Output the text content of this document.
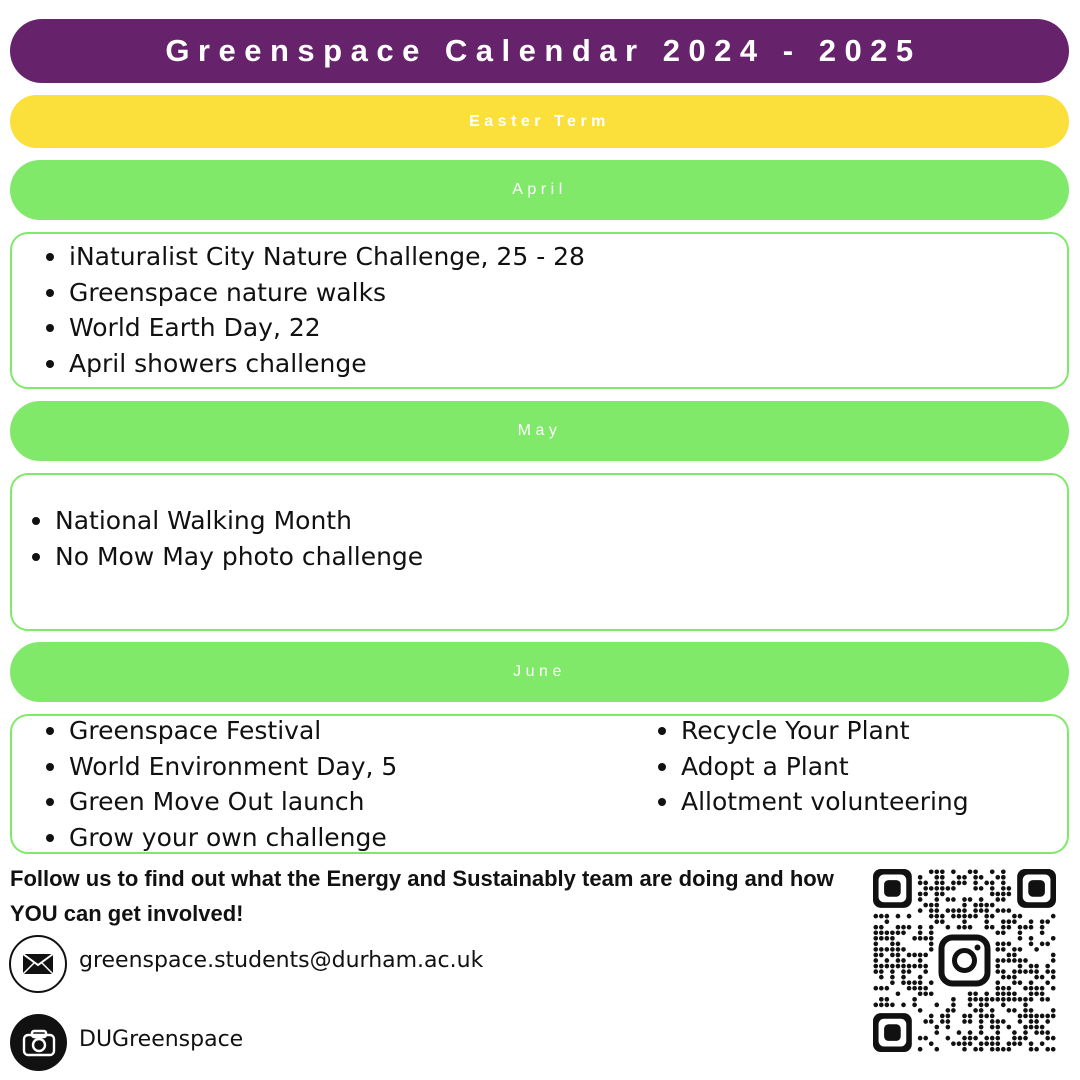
Greenspace Calendar 2024 - 2025
Easter Term
April
iNaturalist City Nature Challenge, 25 - 28
Greenspace nature walks
World Earth Day, 22
April showers challenge
May
National Walking Month
No Mow May photo challenge
June
Greenspace Festival
World Environment Day, 5
Green Move Out launch
Grow your own challenge
Recycle Your Plant
Adopt a Plant
Allotment volunteering
Follow us to find out what the Energy and Sustainably team are doing and how YOU can get involved!
greenspace.students@durham.ac.uk
DUGreenspace
